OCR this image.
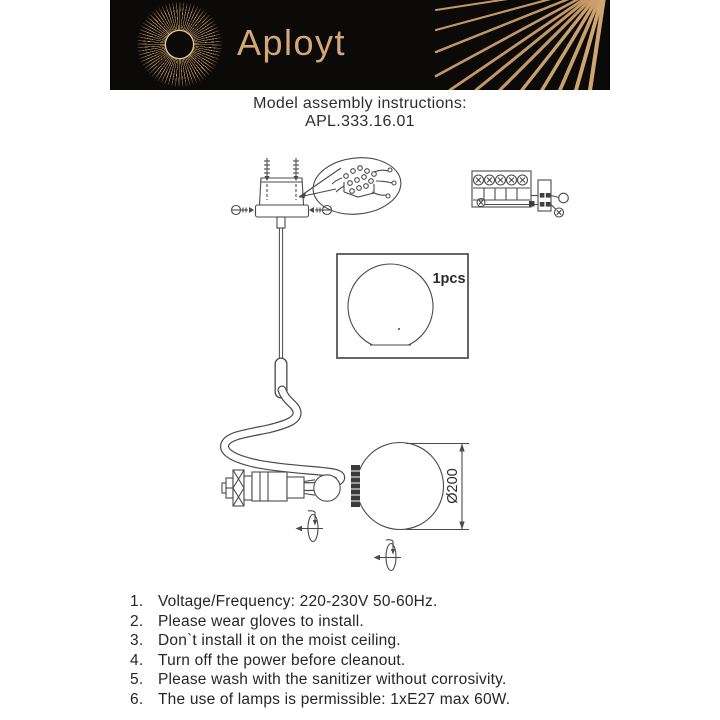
Aployt
Model assembly instructions:
APL.333.16.01
1pcs
Ø200
1. Voltage/Frequency: 220-230V 50-60Hz.
2. Please wear gloves to install.
3. Don`t install it on the moist ceiling.
4. Turn off the power before cleanout.
5. Please wash with the sanitizer without corrosivity.
6. The use of lamps is permissible: 1xE27 max 60W.
